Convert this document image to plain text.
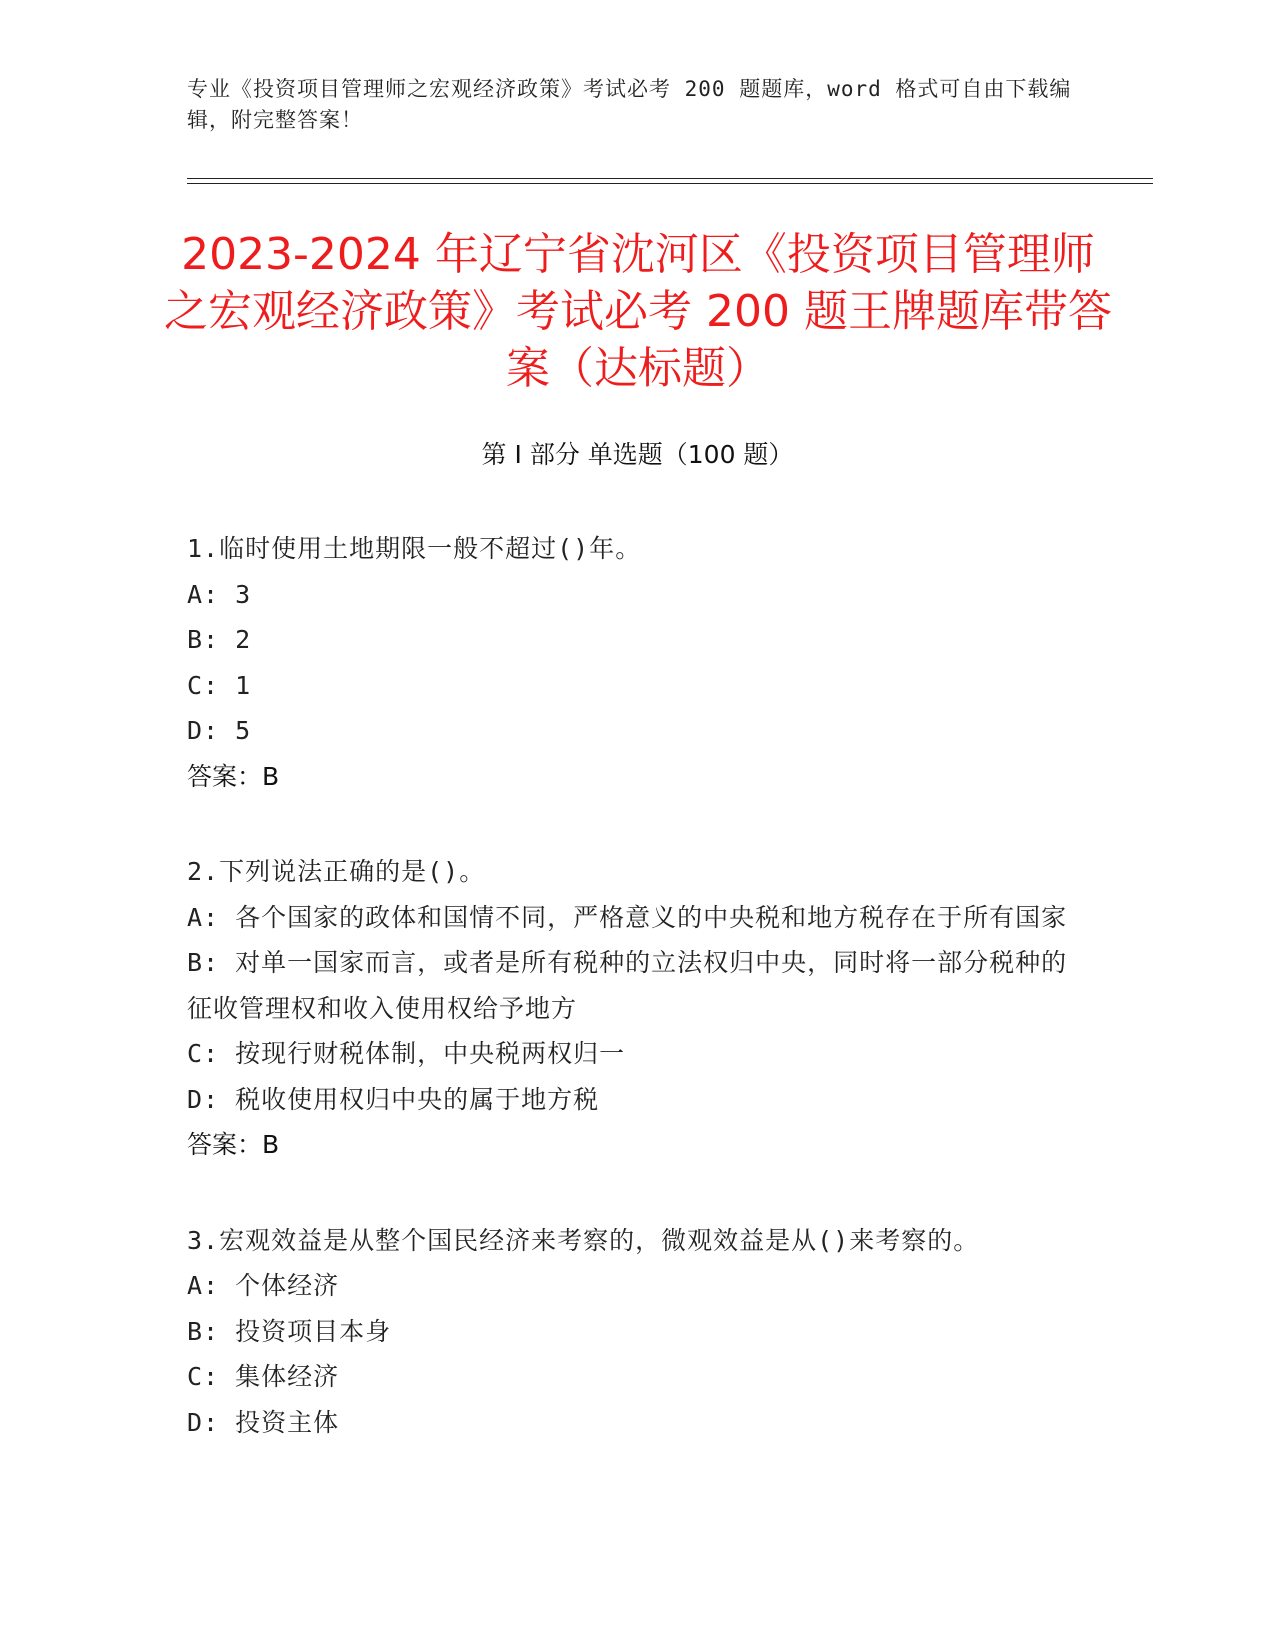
专业《投资项目管理师之宏观经济政策》考试必考 200 题题库，word 格式可自由下载编辑，附完整答案！
2023-2024 年辽宁省沈河区《投资项目管理师之宏观经济政策》考试必考 200 题王牌题库带答案（达标题）
第 I 部分 单选题（100 题）
1.临时使用土地期限一般不超过()年。
A: 3
B: 2
C: 1
D: 5
答案：B
2.下列说法正确的是()。
A: 各个国家的政体和国情不同，严格意义的中央税和地方税存在于所有国家
B: 对单一国家而言，或者是所有税种的立法权归中央，同时将一部分税种的征收管理权和收入使用权给予地方
C: 按现行财税体制，中央税两权归一
D: 税收使用权归中央的属于地方税
答案：B
3.宏观效益是从整个国民经济来考察的，微观效益是从()来考察的。
A: 个体经济
B: 投资项目本身
C: 集体经济
D: 投资主体
